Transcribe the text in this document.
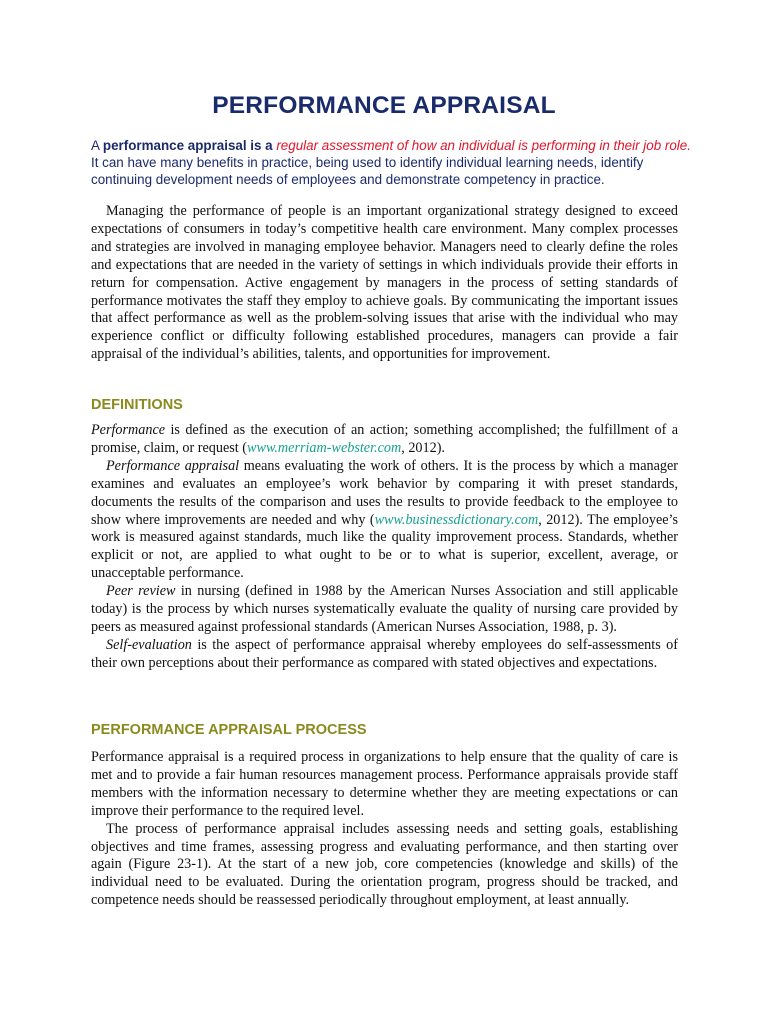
PERFORMANCE APPRAISAL
A performance appraisal is a regular assessment of how an individual is performing in their job role. It can have many benefits in practice, being used to identify individual learning needs, identify continuing development needs of employees and demonstrate competency in practice.

Managing the performance of people is an important organizational strategy designed to exceed expectations of consumers in today’s competitive health care environment. Many complex processes and strategies are involved in managing employee behavior. Managers need to clearly define the roles and expectations that are needed in the variety of settings in which individuals provide their efforts in return for compensation. Active engagement by managers in the process of setting standards of performance motivates the staff they employ to achieve goals. By communicating the important issues that affect performance as well as the problem-solving issues that arise with the individual who may experience conflict or difficulty following established procedures, managers can provide a fair appraisal of the individual’s abilities, talents, and opportunities for improvement.

DEFINITIONS

Performance is defined as the execution of an action; something accomplished; the fulfillment of a promise, claim, or request (www.merriam-webster.com, 2012).

Performance appraisal means evaluating the work of others. It is the process by which a manager examines and evaluates an employee’s work behavior by comparing it with preset standards, documents the results of the comparison and uses the results to provide feedback to the employee to show where improvements are needed and why (www.businessdictionary.com, 2012). The employee’s work is measured against standards, much like the quality improvement process. Standards, whether explicit or not, are applied to what ought to be or to what is superior, excellent, average, or unacceptable performance.

Peer review in nursing (defined in 1988 by the American Nurses Association and still applicable today) is the process by which nurses systematically evaluate the quality of nursing care provided by peers as measured against professional standards (American Nurses Association, 1988, p. 3).

Self-evaluation is the aspect of performance appraisal whereby employees do self-assessments of their own perceptions about their performance as compared with stated objectives and expectations.

PERFORMANCE APPRAISAL PROCESS

Performance appraisal is a required process in organizations to help ensure that the quality of care is met and to provide a fair human resources management process. Performance appraisals provide staff members with the information necessary to determine whether they are meeting expectations or can improve their performance to the required level.

The process of performance appraisal includes assessing needs and setting goals, establishing objectives and time frames, assessing progress and evaluating performance, and then starting over again (Figure 23-1). At the start of a new job, core competencies (knowledge and skills) of the individual need to be evaluated. During the orientation program, progress should be tracked, and competence needs should be reassessed periodically throughout employment, at least annually.
